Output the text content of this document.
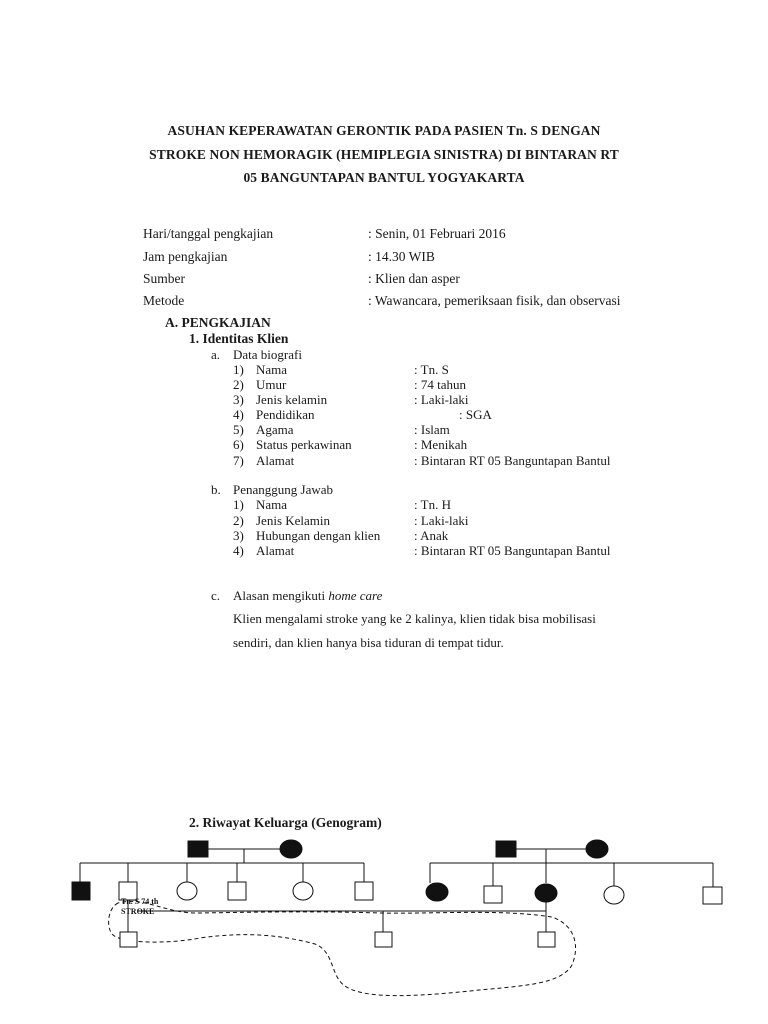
ASUHAN KEPERAWATAN GERONTIK PADA PASIEN Tn. S DENGAN
STROKE NON HEMORAGIK (HEMIPLEGIA SINISTRA) DI BINTARAN RT
05 BANGUNTAPAN BANTUL YOGYAKARTA
Hari/tanggal pengkajian	: Senin, 01 Februari 2016
Jam pengkajian	: 14.30 WIB
Sumber	: Klien dan asper
Metode	: Wawancara, pemeriksaan fisik, dan observasi
A. PENGKAJIAN
1. Identitas Klien
a. Data biografi
1) Nama	: Tn. S
2) Umur	: 74 tahun
3) Jenis kelamin	: Laki-laki
4) Pendidikan	: SGA
5) Agama	: Islam
6) Status perkawinan	: Menikah
7) Alamat	: Bintaran RT 05 Banguntapan Bantul
b. Penanggung Jawab
1) Nama	: Tn. H
2) Jenis Kelamin	: Laki-laki
3) Hubungan dengan klien	: Anak
4) Alamat	: Bintaran RT 05 Banguntapan Bantul
c. Alasan mengikuti home care
Klien mengalami stroke yang ke 2 kalinya, klien tidak bisa mobilisasi
sendiri, dan klien hanya bisa tiduran di tempat tidur.
2. Riwayat Keluarga (Genogram)
Tn. S 74 th
STROKE
